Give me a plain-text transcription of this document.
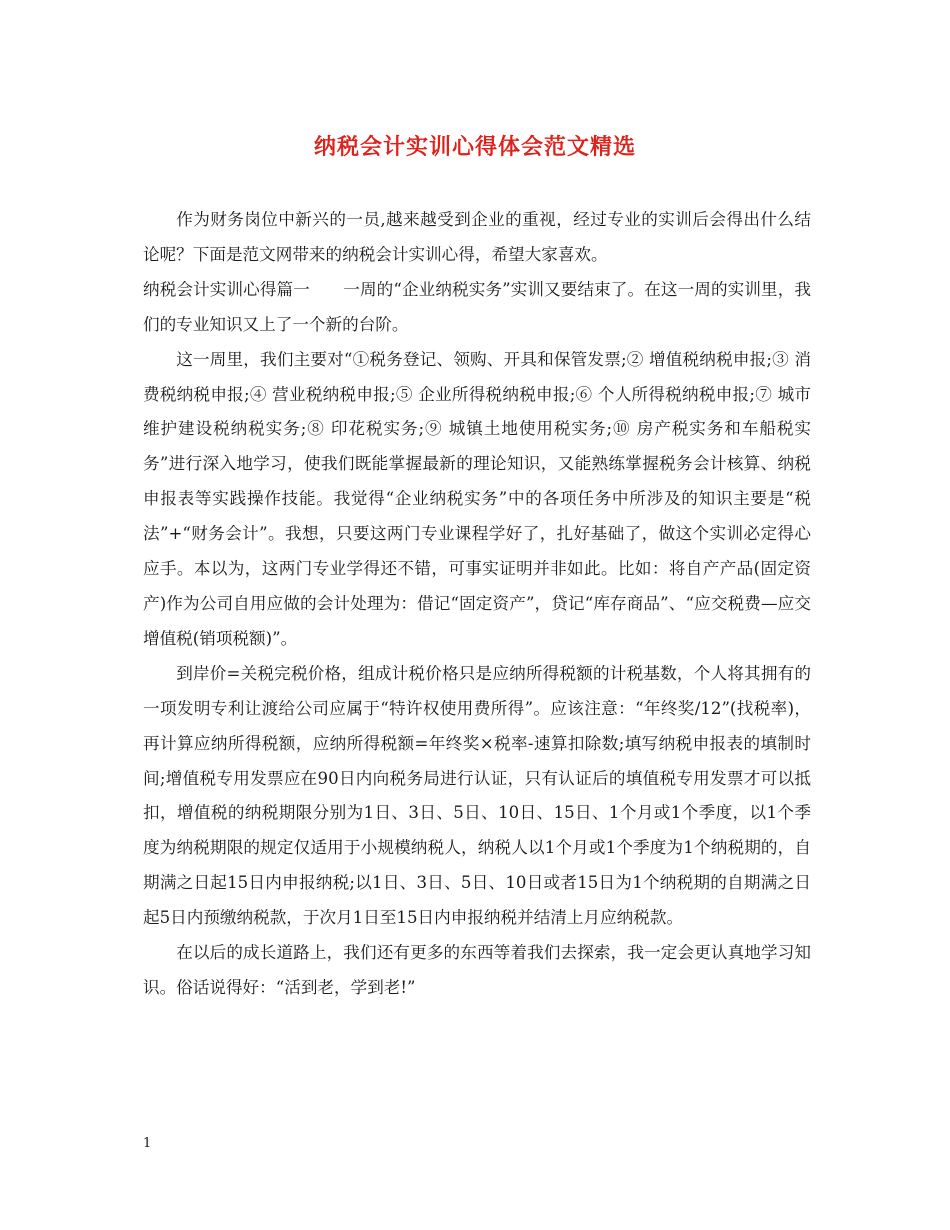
纳税会计实训心得体会范文精选

作为财务岗位中新兴的一员,越来越受到企业的重视，经过专业的实训后会得出什么结论呢？下面是范文网带来的纳税会计实训心得，希望大家喜欢。

纳税会计实训心得篇一　　一周的“企业纳税实务”实训又要结束了。在这一周的实训里，我们的专业知识又上了一个新的台阶。

这一周里，我们主要对“①税务登记、领购、开具和保管发票;② 增值税纳税申报;③ 消费税纳税申报;④ 营业税纳税申报;⑤ 企业所得税纳税申报;⑥ 个人所得税纳税申报;⑦ 城市维护建设税纳税实务;⑧ 印花税实务;⑨ 城镇土地使用税实务;⑩ 房产税实务和车船税实务”进行深入地学习，使我们既能掌握最新的理论知识，又能熟练掌握税务会计核算、纳税申报表等实践操作技能。我觉得“企业纳税实务”中的各项任务中所涉及的知识主要是“税法”+“财务会计”。我想，只要这两门专业课程学好了，扎好基础了，做这个实训必定得心应手。本以为，这两门专业学得还不错，可事实证明并非如此。比如：将自产产品(固定资产)作为公司自用应做的会计处理为：借记“固定资产”，贷记“库存商品”、“应交税费—应交增值税(销项税额)”。

到岸价=关税完税价格，组成计税价格只是应纳所得税额的计税基数，个人将其拥有的一项发明专利让渡给公司应属于“特许权使用费所得”。应该注意：“年终奖/12”(找税率)，再计算应纳所得税额，应纳所得税额=年终奖×税率-速算扣除数;填写纳税申报表的填制时间;增值税专用发票应在90日内向税务局进行认证，只有认证后的填值税专用发票才可以抵扣，增值税的纳税期限分别为1日、3日、5日、10日、15日、1个月或1个季度，以1个季度为纳税期限的规定仅适用于小规模纳税人，纳税人以1个月或1个季度为1个纳税期的，自期满之日起15日内申报纳税;以1日、3日、5日、10日或者15日为1个纳税期的自期满之日起5日内预缴纳税款，于次月1日至15日内申报纳税并结清上月应纳税款。

在以后的成长道路上，我们还有更多的东西等着我们去探索，我一定会更认真地学习知识。俗话说得好：“活到老，学到老!”

1
